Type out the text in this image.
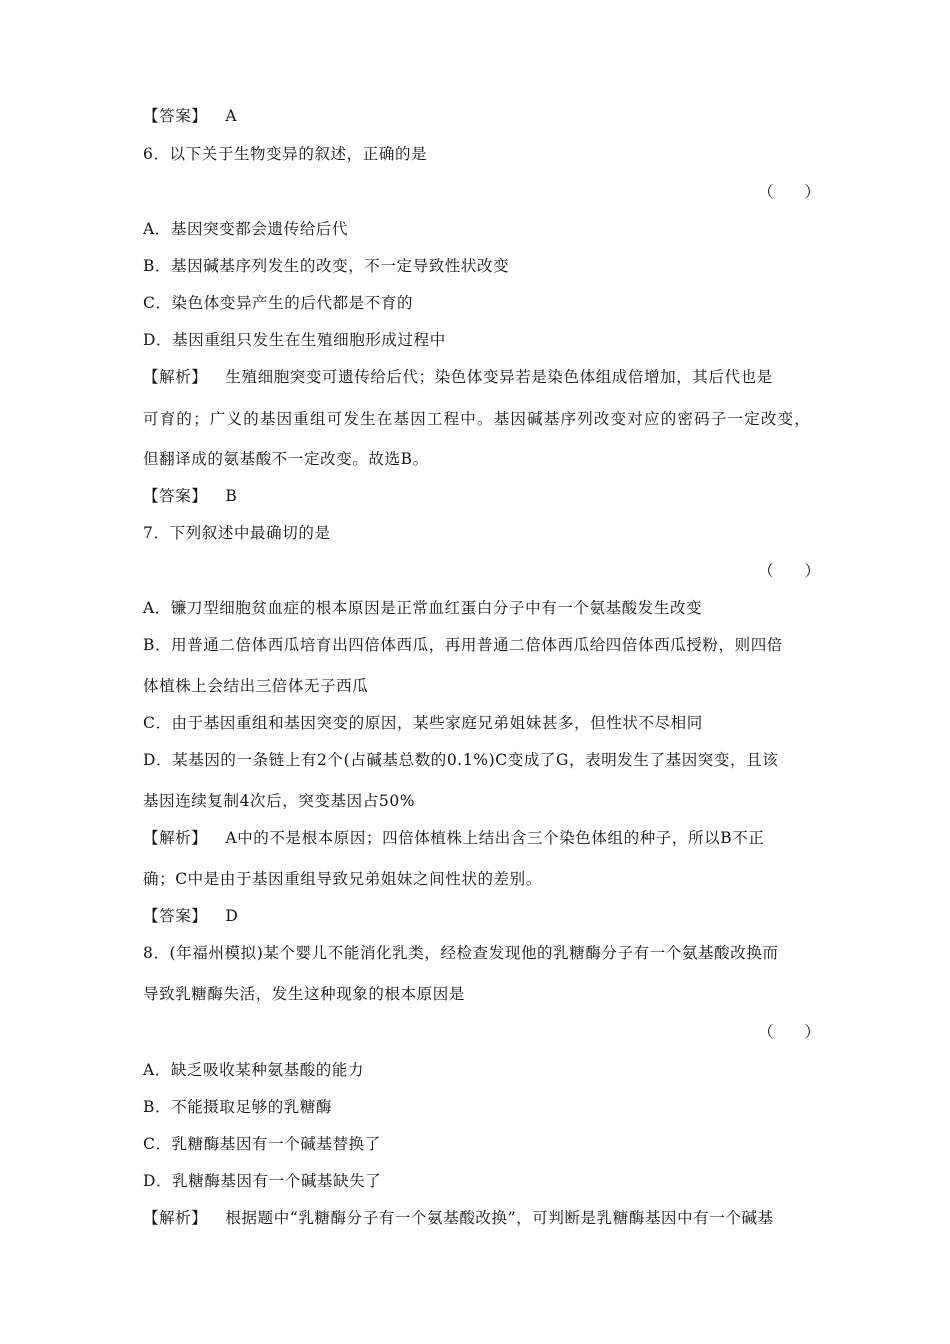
【答案】 A
6．以下关于生物变异的叙述，正确的是
（　　）
A．基因突变都会遗传给后代
B．基因碱基序列发生的改变，不一定导致性状改变
C．染色体变异产生的后代都是不育的
D．基因重组只发生在生殖细胞形成过程中
【解析】 生殖细胞突变可遗传给后代；染色体变异若是染色体组成倍增加，其后代也是
可育的；广义的基因重组可发生在基因工程中。基因碱基序列改变对应的密码子一定改变，
但翻译成的氨基酸不一定改变。故选B。
【答案】 B
7．下列叙述中最确切的是
（　　）
A．镰刀型细胞贫血症的根本原因是正常血红蛋白分子中有一个氨基酸发生改变
B．用普通二倍体西瓜培育出四倍体西瓜，再用普通二倍体西瓜给四倍体西瓜授粉，则四倍
体植株上会结出三倍体无子西瓜
C．由于基因重组和基因突变的原因，某些家庭兄弟姐妹甚多，但性状不尽相同
D．某基因的一条链上有2个(占碱基总数的0.1%)C变成了G，表明发生了基因突变，且该
基因连续复制4次后，突变基因占50%
【解析】 A中的不是根本原因；四倍体植株上结出含三个染色体组的种子，所以B不正
确；C中是由于基因重组导致兄弟姐妹之间性状的差别。
【答案】 D
8．(年福州模拟)某个婴儿不能消化乳类，经检查发现他的乳糖酶分子有一个氨基酸改换而
导致乳糖酶失活，发生这种现象的根本原因是
（　　）
A．缺乏吸收某种氨基酸的能力
B．不能摄取足够的乳糖酶
C．乳糖酶基因有一个碱基替换了
D．乳糖酶基因有一个碱基缺失了
【解析】 根据题中“乳糖酶分子有一个氨基酸改换”，可判断是乳糖酶基因中有一个碱基
